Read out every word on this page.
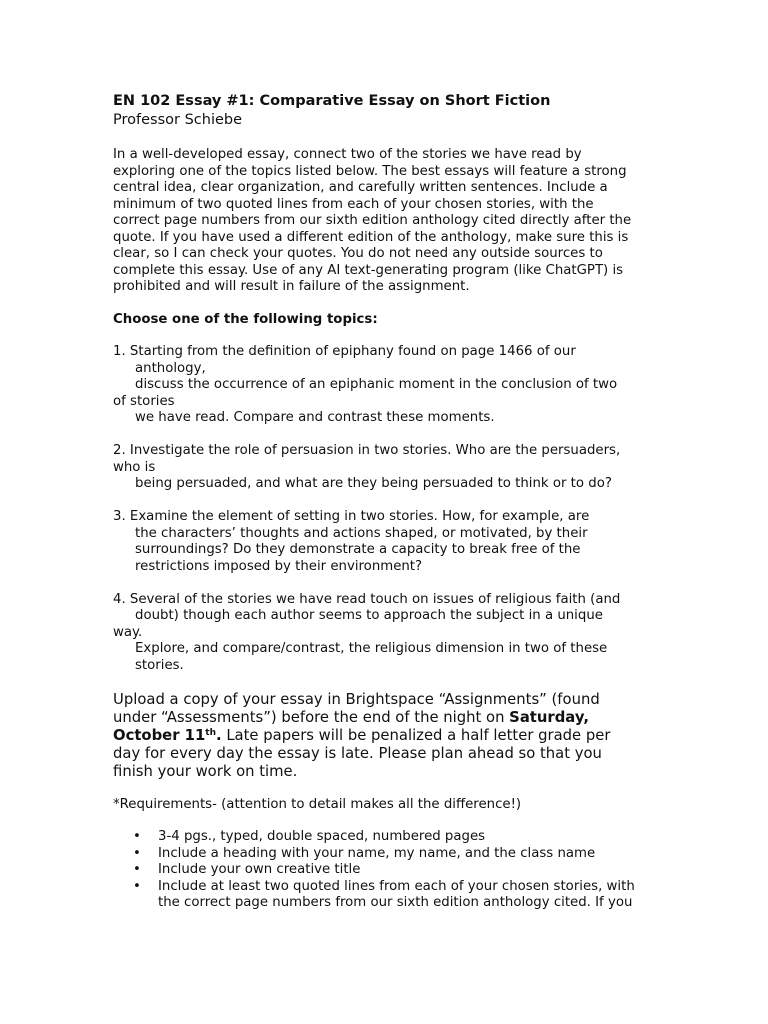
EN 102 Essay #1: Comparative Essay on Short Fiction
Professor Schiebe
In a well-developed essay, connect two of the stories we have read by
exploring one of the topics listed below. The best essays will feature a strong
central idea, clear organization, and carefully written sentences. Include a
minimum of two quoted lines from each of your chosen stories, with the
correct page numbers from our sixth edition anthology cited directly after the
quote. If you have used a different edition of the anthology, make sure this is
clear, so I can check your quotes. You do not need any outside sources to
complete this essay. Use of any AI text-generating program (like ChatGPT) is
prohibited and will result in failure of the assignment.
Choose one of the following topics:
1. Starting from the definition of epiphany found on page 1466 of our
anthology,
discuss the occurrence of an epiphanic moment in the conclusion of two
of stories
we have read. Compare and contrast these moments.
2. Investigate the role of persuasion in two stories. Who are the persuaders,
who is
being persuaded, and what are they being persuaded to think or to do?
3. Examine the element of setting in two stories. How, for example, are
the characters’ thoughts and actions shaped, or motivated, by their
surroundings? Do they demonstrate a capacity to break free of the
restrictions imposed by their environment?
4. Several of the stories we have read touch on issues of religious faith (and
doubt) though each author seems to approach the subject in a unique
way.
Explore, and compare/contrast, the religious dimension in two of these
stories.
Upload a copy of your essay in Brightspace “Assignments” (found
under “Assessments”) before the end of the night on Saturday,
October 11th. Late papers will be penalized a half letter grade per
day for every day the essay is late. Please plan ahead so that you
finish your work on time.
*Requirements- (attention to detail makes all the difference!)
• 3-4 pgs., typed, double spaced, numbered pages
• Include a heading with your name, my name, and the class name
• Include your own creative title
• Include at least two quoted lines from each of your chosen stories, with
the correct page numbers from our sixth edition anthology cited. If you
